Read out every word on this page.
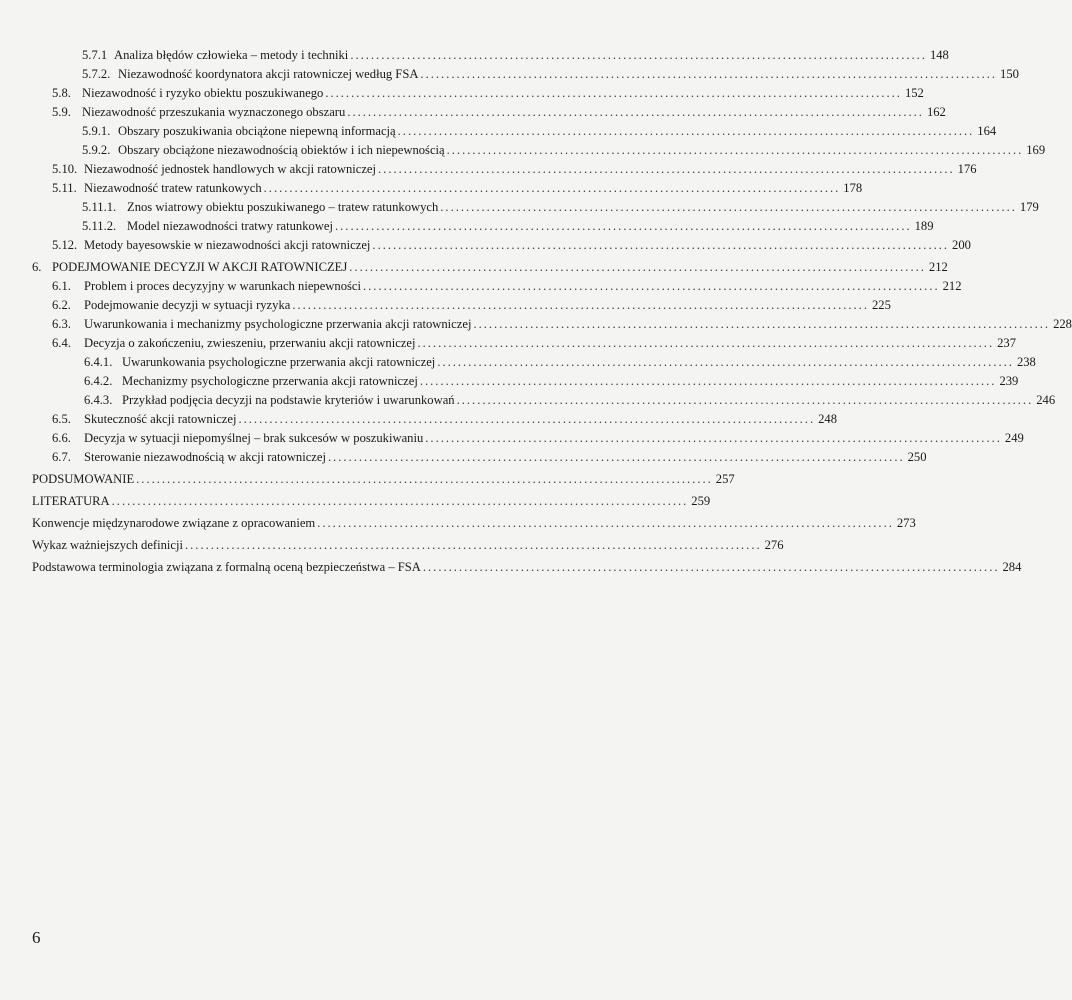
5.7.1 Analiza błędów człowieka – metody i techniki ................................................................................................................ 148
5.7.2. Niezawodność koordynatora akcji ratowniczej według FSA ................................................................................................................ 150
5.8. Niezawodność i ryzyko obiektu poszukiwanego ................................................................................................................ 152
5.9. Niezawodność przeszukania wyznaczonego obszaru ................................................................................................................ 162
5.9.1. Obszary poszukiwania obciążone niepewną informacją ................................................................................................................ 164
5.9.2. Obszary obciążone niezawodnością obiektów i ich niepewnością ................................................................................................................ 169
5.10. Niezawodność jednostek handlowych w akcji ratowniczej ................................................................................................................ 176
5.11. Niezawodność tratew ratunkowych ................................................................................................................ 178
5.11.1. Znos wiatrowy obiektu poszukiwanego – tratew ratunkowych ................................................................................................................ 179
5.11.2. Model niezawodności tratwy ratunkowej ................................................................................................................ 189
5.12. Metody bayesowskie w niezawodności akcji ratowniczej ................................................................................................................ 200
6. PODEJMOWANIE DECYZJI W AKCJI RATOWNICZEJ ................................................................................................................ 212
6.1.	Problem i proces decyzyjny w warunkach niepewności ................................................................................................................ 212
6.2.	Podejmowanie decyzji w sytuacji ryzyka ................................................................................................................ 225
6.3.	Uwarunkowania i mechanizmy psychologiczne przerwania akcji ratowniczej ................................................................................................................ 228
6.4.	Decyzja o zakończeniu, zwieszeniu, przerwaniu akcji ratowniczej ................................................................................................................ 237
6.4.1. Uwarunkowania psychologiczne przerwania akcji ratowniczej ................................................................................................................ 238
6.4.2. Mechanizmy psychologiczne przerwania akcji ratowniczej ................................................................................................................ 239
6.4.3. Przykład podjęcia decyzji na podstawie kryteriów i uwarunkowań ................................................................................................................ 246
6.5.	Skuteczność akcji ratowniczej ................................................................................................................ 248
6.6.	Decyzja w sytuacji niepomyślnej – brak sukcesów w poszukiwaniu ................................................................................................................ 249
6.7.	Sterowanie niezawodnością w akcji ratowniczej ................................................................................................................ 250
PODSUMOWANIE ................................................................................................................ 257
LITERATURA ................................................................................................................ 259
Konwencje międzynarodowe związane z opracowaniem ................................................................................................................ 273
Wykaz ważniejszych definicji ................................................................................................................ 276
Podstawowa terminologia związana z formalną oceną bezpieczeństwa – FSA ................................................................................................................ 284
6
